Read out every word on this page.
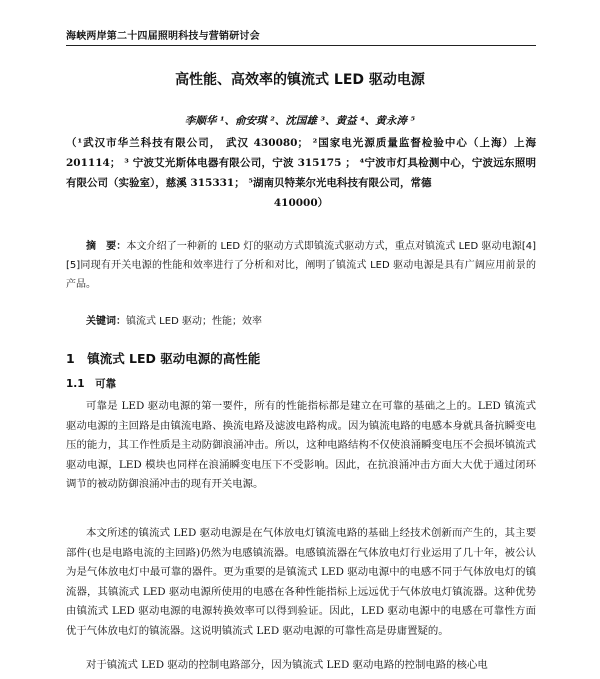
海峡两岸第二十四届照明科技与营销研讨会
高性能、高效率的镇流式 LED 驱动电源
李顺华 ¹、俞安琪 ²、沈国雄 ³、黄益 ⁴、黄永涛 ⁵
（¹武汉市华兰科技有限公司， 武汉 430080； ²国家电光源质量监督检验中心（上海）上海 201114； ³ 宁波艾光斯体电器有限公司，宁波 315175 ； ⁴宁波市灯具检测中心，宁波远东照明有限公司（实验室），慈溪 315331； ⁵湖南贝特莱尔光电科技有限公司，常德
410000）
摘　要：本文介绍了一种新的 LED 灯的驱动方式即镇流式驱动方式，重点对镇流式 LED 驱动电源[4][5]同现有开关电源的性能和效率进行了分析和对比，阐明了镇流式 LED 驱动电源是具有广阔应用前景的产品。
关键词：镇流式 LED 驱动；性能；效率
1　镇流式 LED 驱动电源的高性能
1.1　可靠
可靠是 LED 驱动电源的第一要件，所有的性能指标都是建立在可靠的基础之上的。LED 镇流式驱动电源的主回路是由镇流电路、换流电路及滤波电路构成。因为镇流电路的电感本身就具备抗瞬变电压的能力，其工作性质是主动防御浪涌冲击。所以，这种电路结构不仅使浪涌瞬变电压不会损坏镇流式驱动电源，LED 模块也同样在浪涌瞬变电压下不受影响。因此，在抗浪涌冲击方面大大优于通过闭环调节的被动防御浪涌冲击的现有开关电源。
本文所述的镇流式 LED 驱动电源是在气体放电灯镇流电路的基础上经技术创新而产生的，其主要部件(也是电路电流的主回路)仍然为电感镇流器。电感镇流器在气体放电灯行业运用了几十年，被公认为是气体放电灯中最可靠的器件。更为重要的是镇流式 LED 驱动电源中的电感不同于气体放电灯的镇流器，其镇流式 LED 驱动电源所使用的电感在各种性能指标上远远优于气体放电灯镇流器。这种优势由镇流式 LED 驱动电源的电源转换效率可以得到验证。因此，LED 驱动电源中的电感在可靠性方面优于气体放电灯的镇流器。这说明镇流式 LED 驱动电源的可靠性高是毋庸置疑的。
对于镇流式 LED 驱动的控制电路部分，因为镇流式 LED 驱动电路的控制电路的核心电
